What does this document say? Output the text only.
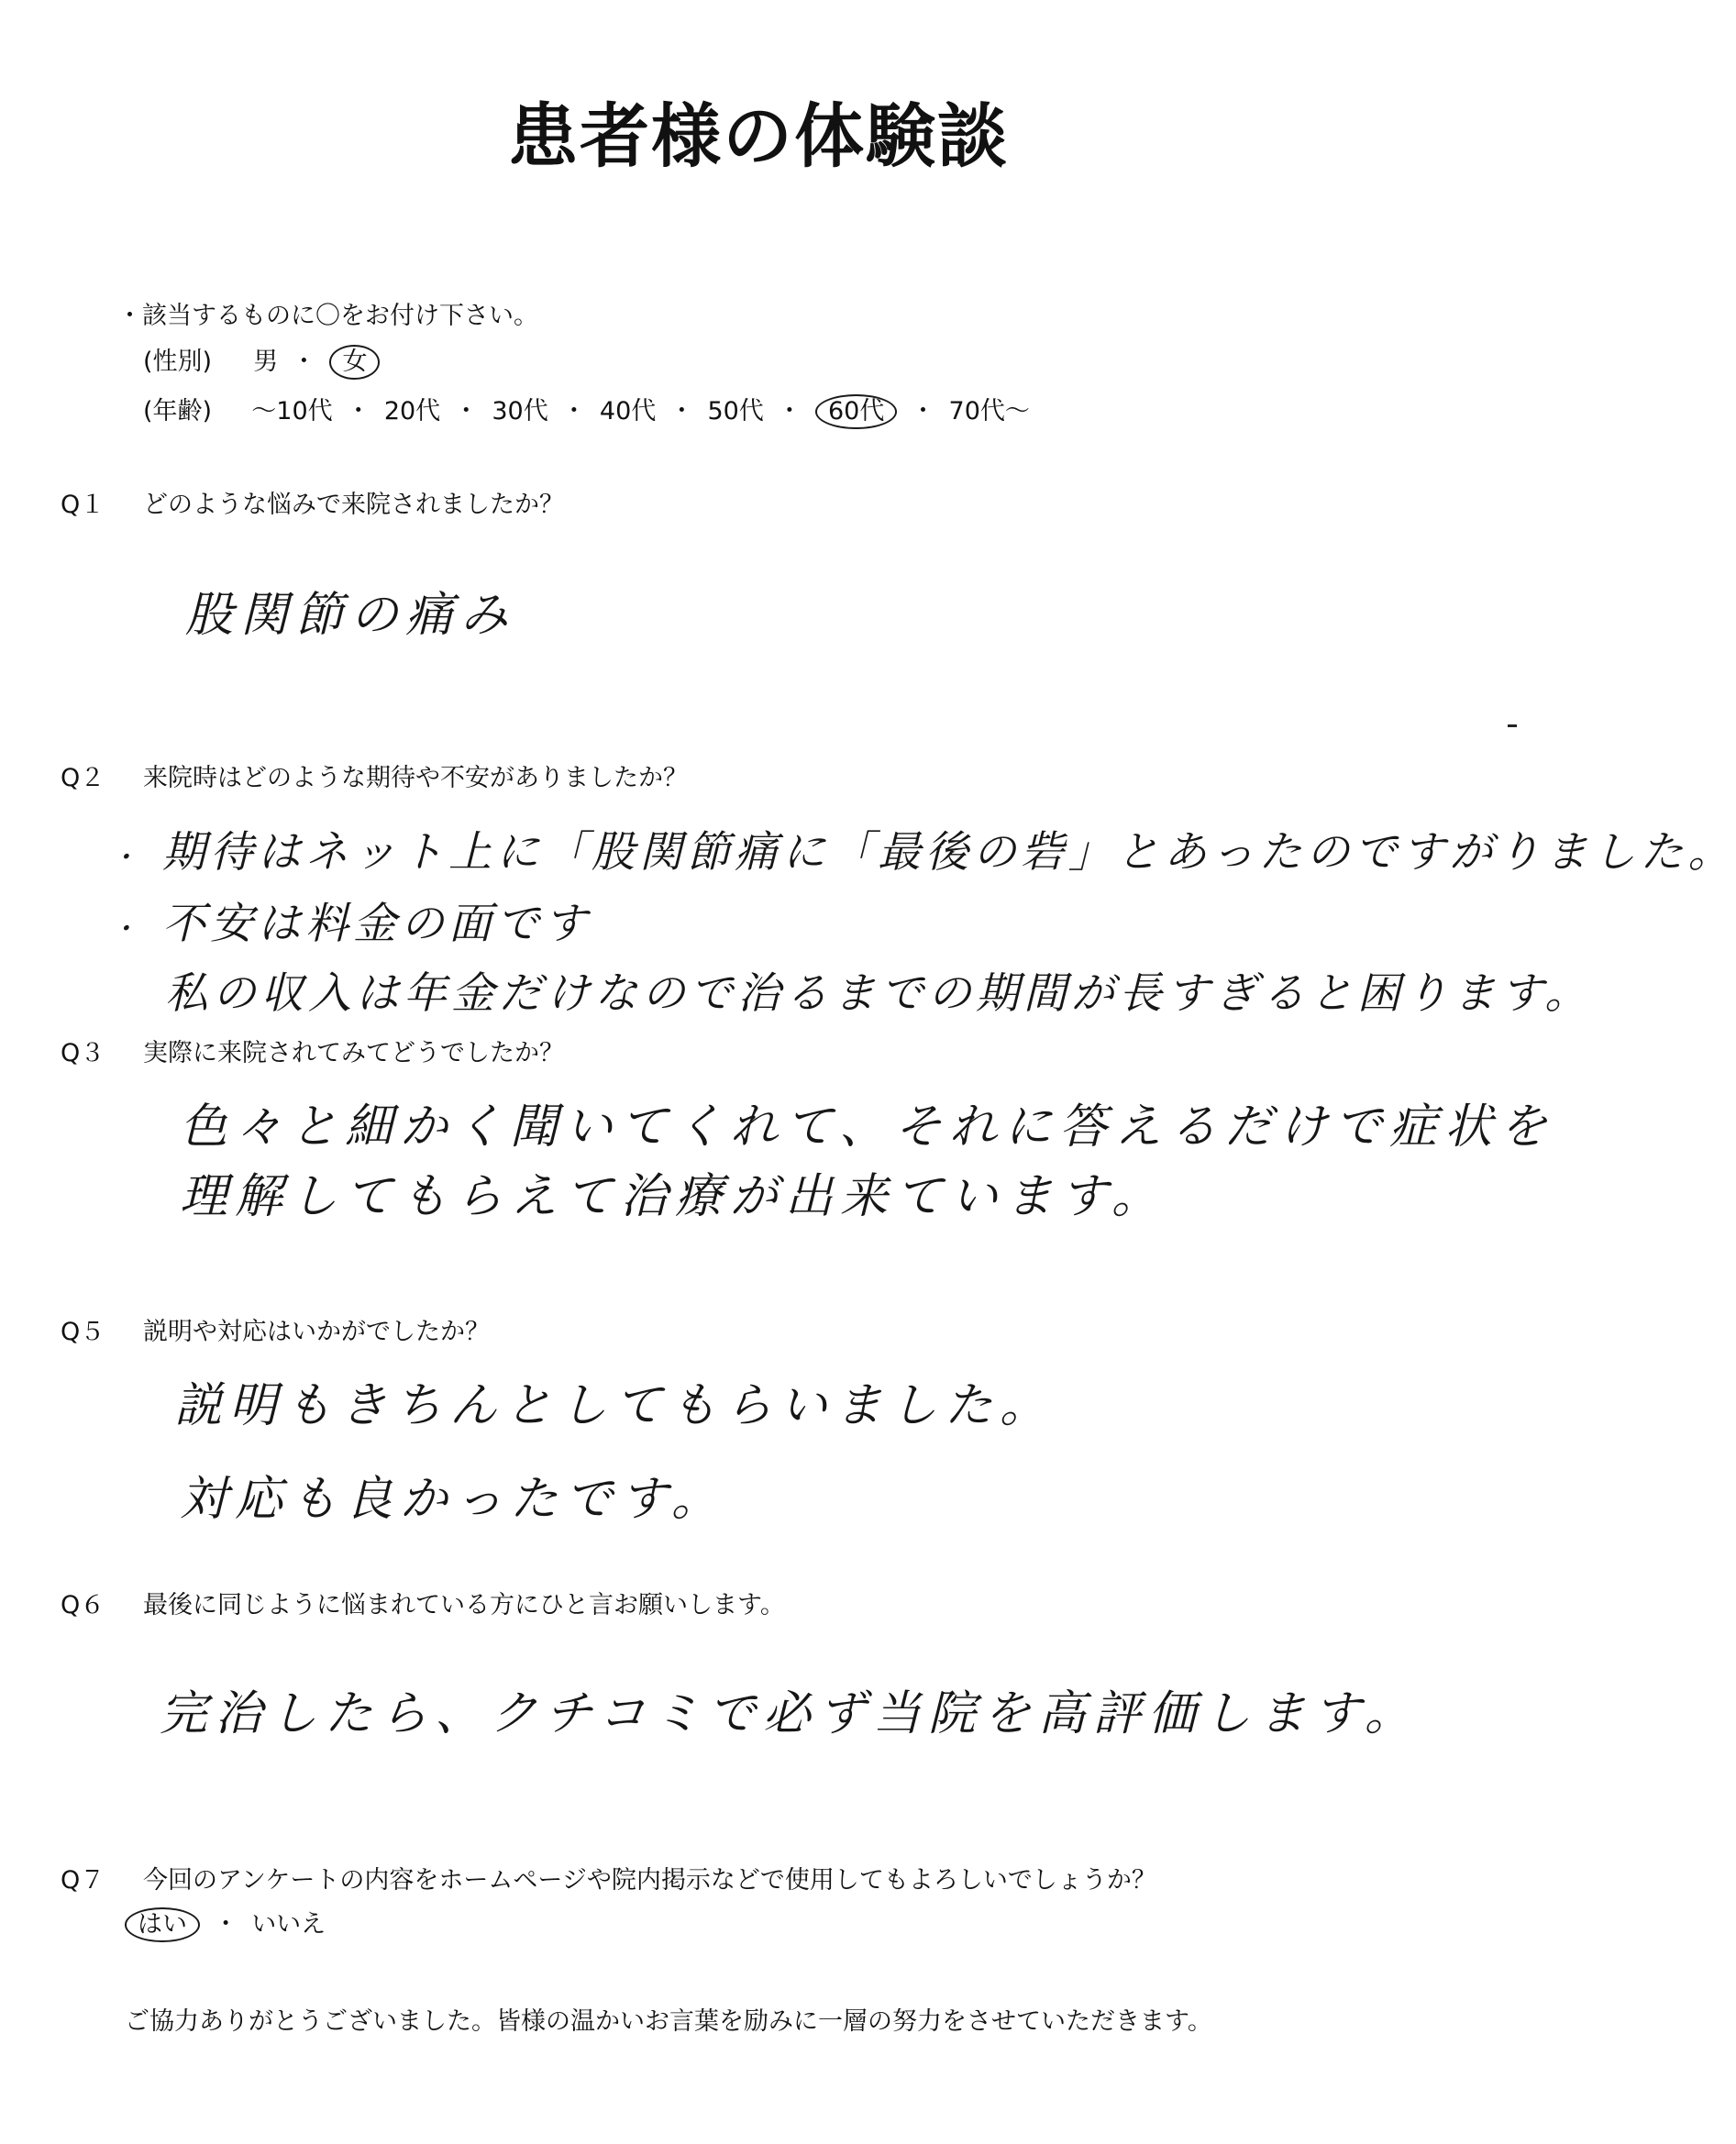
患者様の体験談
・該当するものに〇をお付け下さい。
(性別) 男 ・ 女
(年齢) 〜10代 ・ 20代 ・ 30代 ・ 40代 ・ 50代 ・ 60代 ・ 70代〜
Q１ どのような悩みで来院されましたか？
股関節の痛み
Q２ 来院時はどのような期待や不安がありましたか？
・ 期待はネット上に「股関節痛に「最後の砦」とあったのですがりました。
・ 不安は料金の面です
私の収入は年金だけなので治るまでの期間が長すぎると困ります。
Q３ 実際に来院されてみてどうでしたか？
色々と細かく聞いてくれて、それに答えるだけで症状を
理解してもらえて治療が出来ています。
Q５ 説明や対応はいかがでしたか？
説明もきちんとしてもらいました。
対応も良かったです。
Q６ 最後に同じように悩まれている方にひと言お願いします。
完治したら、クチコミで必ず当院を高評価します。
Q７ 今回のアンケートの内容をホームページや院内掲示などで使用してもよろしいでしょうか？
はい ・ いいえ
ご協力ありがとうございました。皆様の温かいお言葉を励みに一層の努力をさせていただきます。
